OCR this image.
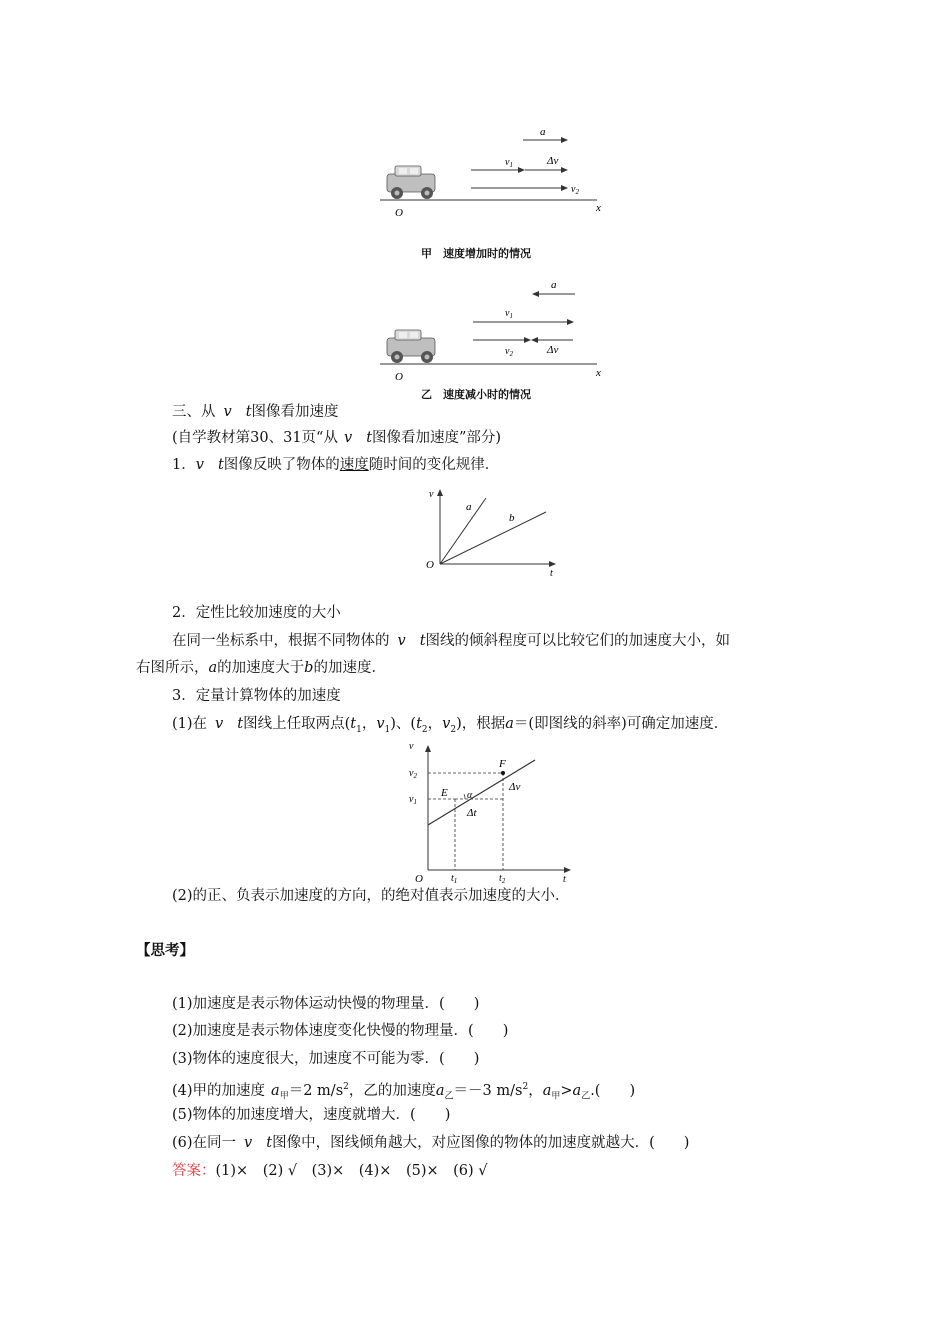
a
$v_1$	Δv
$v_2$
O	x
甲　速度增加时的情况
a
$v_1$
$v_2$	Δv
O	x
乙　速度减小时的情况
三、从 v t图像看加速度
(自学教材第30、31页“从 v t图像看加速度”部分)
1．v t图像反映了物体的速度随时间的变化规律．
v
a
b
O
t
2．定性比较加速度的大小
在同一坐标系中，根据不同物体的 v t图线的倾斜程度可以比较它们的加速度大小，如
右图所示，a的加速度大于b的加速度．
3．定量计算物体的加速度
(1)在 v t图线上任取两点($t_1$，$v_1$)、($t_2$，$v_2$)，根据a＝(即图线的斜率)可确定加速度．
v
$v_2$
$v_1$
F
E α
Δv
Δt
O	$t_1$	$t_2$	t
(2)的正、负表示加速度的方向，的绝对值表示加速度的大小．
【思考】
(1)加速度是表示物体运动快慢的物理量．(　　)
(2)加速度是表示物体速度变化快慢的物理量．(　　)
(3)物体的速度很大，加速度不可能为零．(　　)
(4)甲的加速度 $a_甲=2$ $m/s^2$，乙的加速度$a_乙=-3$ $m/s^2$，$a_甲>a_乙$.(　　)
(5)物体的加速度增大，速度就增大．(　　)
(6)在同一 v t图像中，图线倾角越大，对应图像的物体的加速度就越大．(　　)
答案：(1)×　(2) √　(3)×　(4)×　(5)×　(6) √
